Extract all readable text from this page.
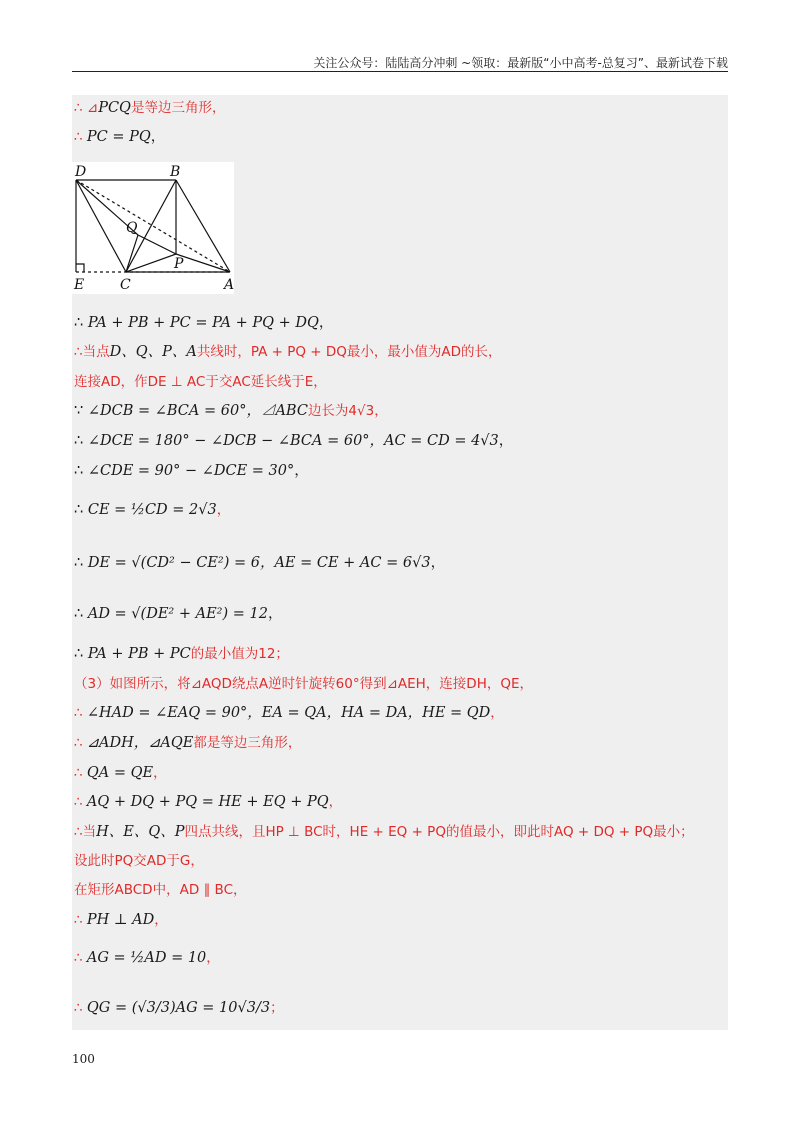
关注公众号：陆陆高分冲刺 ~领取：最新版“小中高考-总复习”、最新试卷下载
∴ ⊿PCQ是等边三角形，
∴ PC = PQ，
D	B
Q
P
E	C	A
∴ PA + PB + PC = PA + PQ + DQ，
∴当点D、Q、P、A共线时，PA + PQ + DQ最小，最小值为AD的长，
连接AD，作DE ⊥ AC于交AC延长线于E，
∵ ∠DCB = ∠BCA = 60°，⊿ABC边长为4√3，
∴ ∠DCE = 180° − ∠DCB − ∠BCA = 60°，AC = CD = 4√3，
∴ ∠CDE = 90° − ∠DCE = 30°，
∴ CE = ½CD = 2√3，
∴ DE = √(CD² − CE²) = 6，AE = CE + AC = 6√3，
∴ AD = √(DE² + AE²) = 12，
∴ PA + PB + PC的最小值为12；
（3）如图所示，将⊿AQD绕点A逆时针旋转60°得到⊿AEH，连接DH，QE，
∴ ∠HAD = ∠EAQ = 90°，EA = QA，HA = DA，HE = QD，
∴ ⊿ADH，⊿AQE都是等边三角形，
∴ QA = QE，
∴ AQ + DQ + PQ = HE + EQ + PQ，
∴当H、E、Q、P四点共线，且HP ⊥ BC时，HE + EQ + PQ的值最小，即此时AQ + DQ + PQ最小；
设此时PQ交AD于G，
在矩形ABCD中，AD ∥ BC，
∴ PH ⊥ AD，
∴ AG = ½AD = 10，
∴ QG = (√3/3)AG = 10√3/3；
100
